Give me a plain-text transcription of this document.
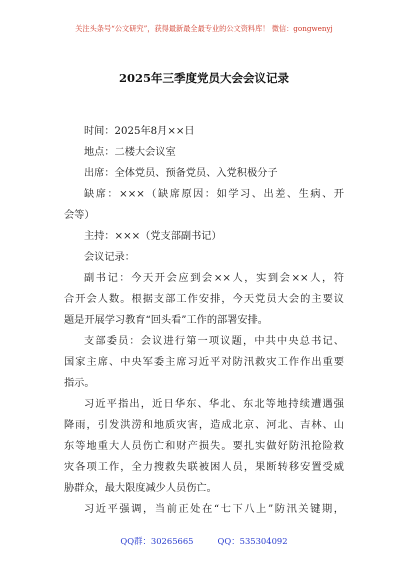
关注头条号“公文研究”，获得最新最全最专业的公文资料库！ 微信：gongwenyj
2025年三季度党员大会会议记录
时间：2025年8月××日
地点：二楼大会议室
出席：全体党员、预备党员、入党积极分子
缺席：×××（缺席原因：如学习、出差、生病、开
会等）
主持：×××（党支部副书记）
会议记录：
副书记：今天开会应到会××人，实到会××人，符
合开会人数。根据支部工作安排，今天党员大会的主要议
题是开展学习教育“回头看”工作的部署安排。
支部委员：会议进行第一项议题，中共中央总书记、
国家主席、中央军委主席习近平对防汛救灾工作作出重要
指示。
习近平指出，近日华东、华北、东北等地持续遭遇强
降雨，引发洪涝和地质灾害，造成北京、河北、吉林、山
东等地重大人员伤亡和财产损失。要扎实做好防汛抢险救
灾各项工作，全力搜救失联被困人员，果断转移安置受威
胁群众，最大限度减少人员伤亡。
习近平强调，当前正处在“七下八上”防汛关键期，
QQ群：30265665	QQ：535304092
